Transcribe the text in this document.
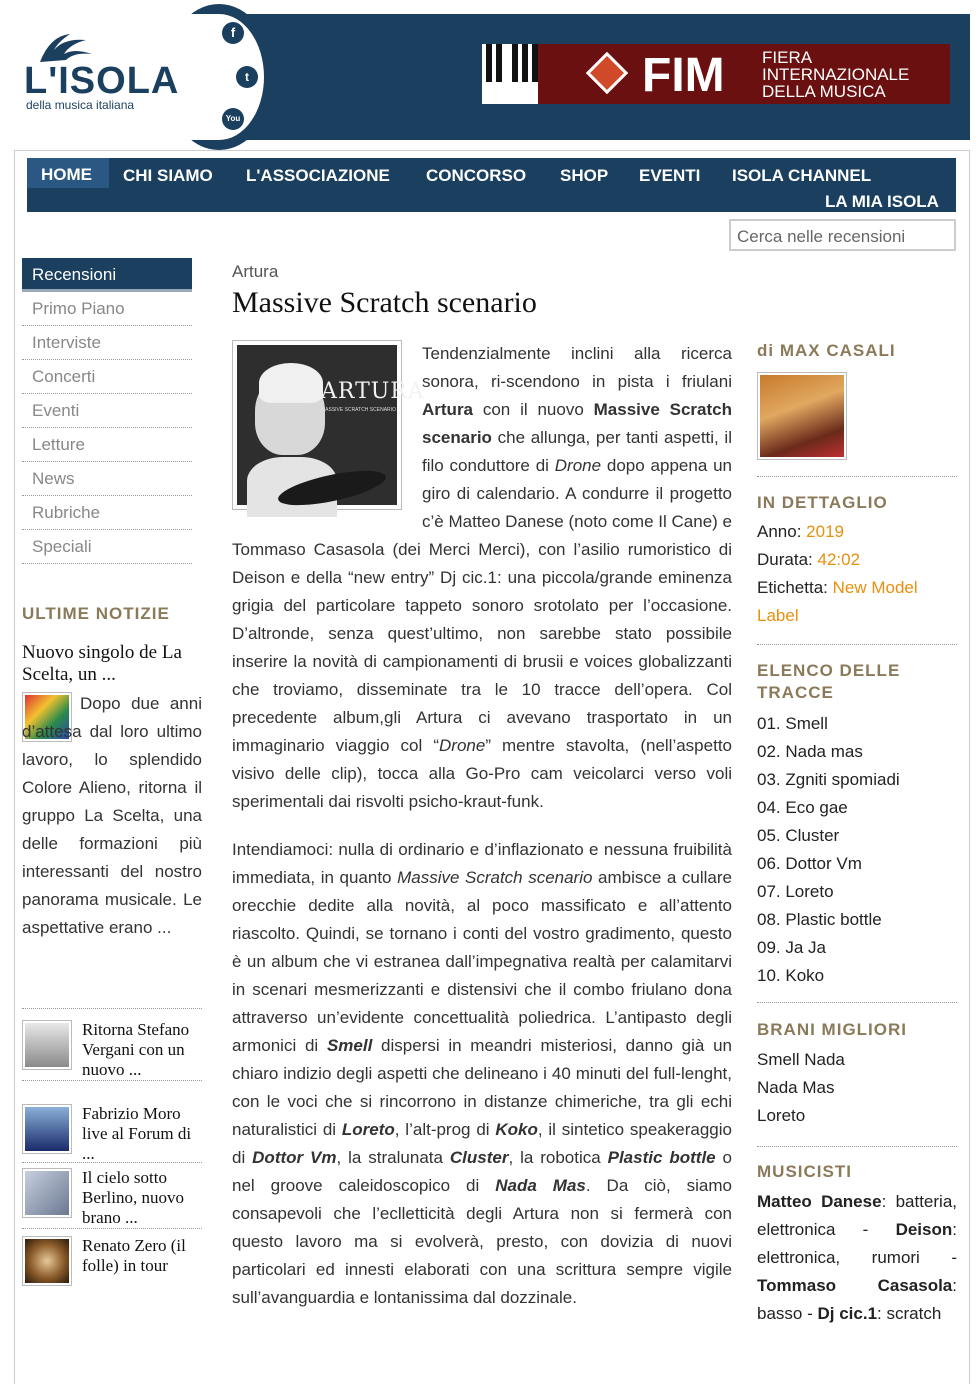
L'ISOLA
della musica italiana
f
t
You
FIM FIERA
INTERNAZIONALE
DELLA MUSICA
HOME CHI SIAMO L'ASSOCIAZIONE CONCORSO SHOP EVENTI ISOLA CHANNEL
LA MIA ISOLA
Cerca nelle recensioni
Recensioni
Primo Piano
Interviste
Concerti
Eventi
Letture
News
Rubriche
Speciali
ULTIME NOTIZIE
Nuovo singolo de La Scelta, un ...
Dopo due anni d’attesa dal loro ultimo lavoro, lo splendido Colore Alieno, ritorna il gruppo La Scelta, una delle formazioni più interessanti del nostro panorama musicale. Le aspettative erano ...
Ritorna Stefano Vergani con un nuovo ...
Fabrizio Moro live al Forum di ...
Il cielo sotto Berlino, nuovo brano ...
Renato Zero (il folle) in tour
Artura
Massive Scratch scenario

Tendenzialmente inclini alla ricerca sonora, ri-scendono in pista i friulani Artura con il nuovo Massive Scratch scenario che allunga, per tanti aspetti, il filo conduttore di Drone dopo appena un giro di calendario. A condurre il progetto c’è Matteo Danese (noto come Il Cane) e Tommaso Casasola (dei Merci Merci), con l’asilio rumoristico di Deison e della “new entry” Dj cic.1: una piccola/grande eminenza grigia del particolare tappeto sonoro srotolato per l’occasione. D’altronde, senza quest’ultimo, non sarebbe stato possibile inserire la novità di campionamenti di brusii e voices globalizzanti che troviamo, disseminate tra le 10 tracce dell’opera. Col precedente album,gli Artura ci avevano trasportato in un immaginario viaggio col “Drone” mentre stavolta, (nell’aspetto visivo delle clip), tocca alla Go-Pro cam veicolarci verso voli sperimentali dai risvolti psicho-kraut-funk.

Intendiamoci: nulla di ordinario e d’inflazionato e nessuna fruibilità immediata, in quanto Massive Scratch scenario ambisce a cullare orecchie dedite alla novità, al poco massificato e all’attento riascolto. Quindi, se tornano i conti del vostro gradimento, questo è un album che vi estranea dall’impegnativa realtà per calamitarvi in scenari mesmerizzanti e distensivi che il combo friulano dona attraverso un’evidente concettualità poliedrica. L’antipasto degli armonici di Smell dispersi in meandri misteriosi, danno già un chiaro indizio degli aspetti che delineano i 40 minuti del full-lenght, con le voci che si rincorrono in distanze chimeriche, tra gli echi naturalistici di Loreto, l’alt-prog di Koko, il sintetico speakeraggio di Dottor Vm, la stralunata Cluster, la robotica Plastic bottle o nel groove caleidoscopico di Nada Mas. Da ciò, siamo consapevoli che l’eclletticità degli Artura non si fermerà con questo lavoro ma si evolverà, presto, con dovizia di nuovi particolari ed innesti elaborati con una scrittura sempre vigile sull’avanguardia e lontanissima dal dozzinale.

ARTURA
MASSIVE SCRATCH SCENARIO
di MAX CASALI
IN DETTAGLIO
Anno: 2019
Durata: 42:02
Etichetta: New Model Label
ELENCO DELLE TRACCE
01. Smell
02. Nada mas
03. Zgniti spomiadi
04. Eco gae
05. Cluster
06. Dottor Vm
07. Loreto
08. Plastic bottle
09. Ja Ja
10. Koko
BRANI MIGLIORI
Smell Nada
Nada Mas
Loreto
MUSICISTI
Matteo Danese: batteria, elettronica - Deison: elettronica, rumori - Tommaso Casasola: basso - Dj cic.1: scratch
